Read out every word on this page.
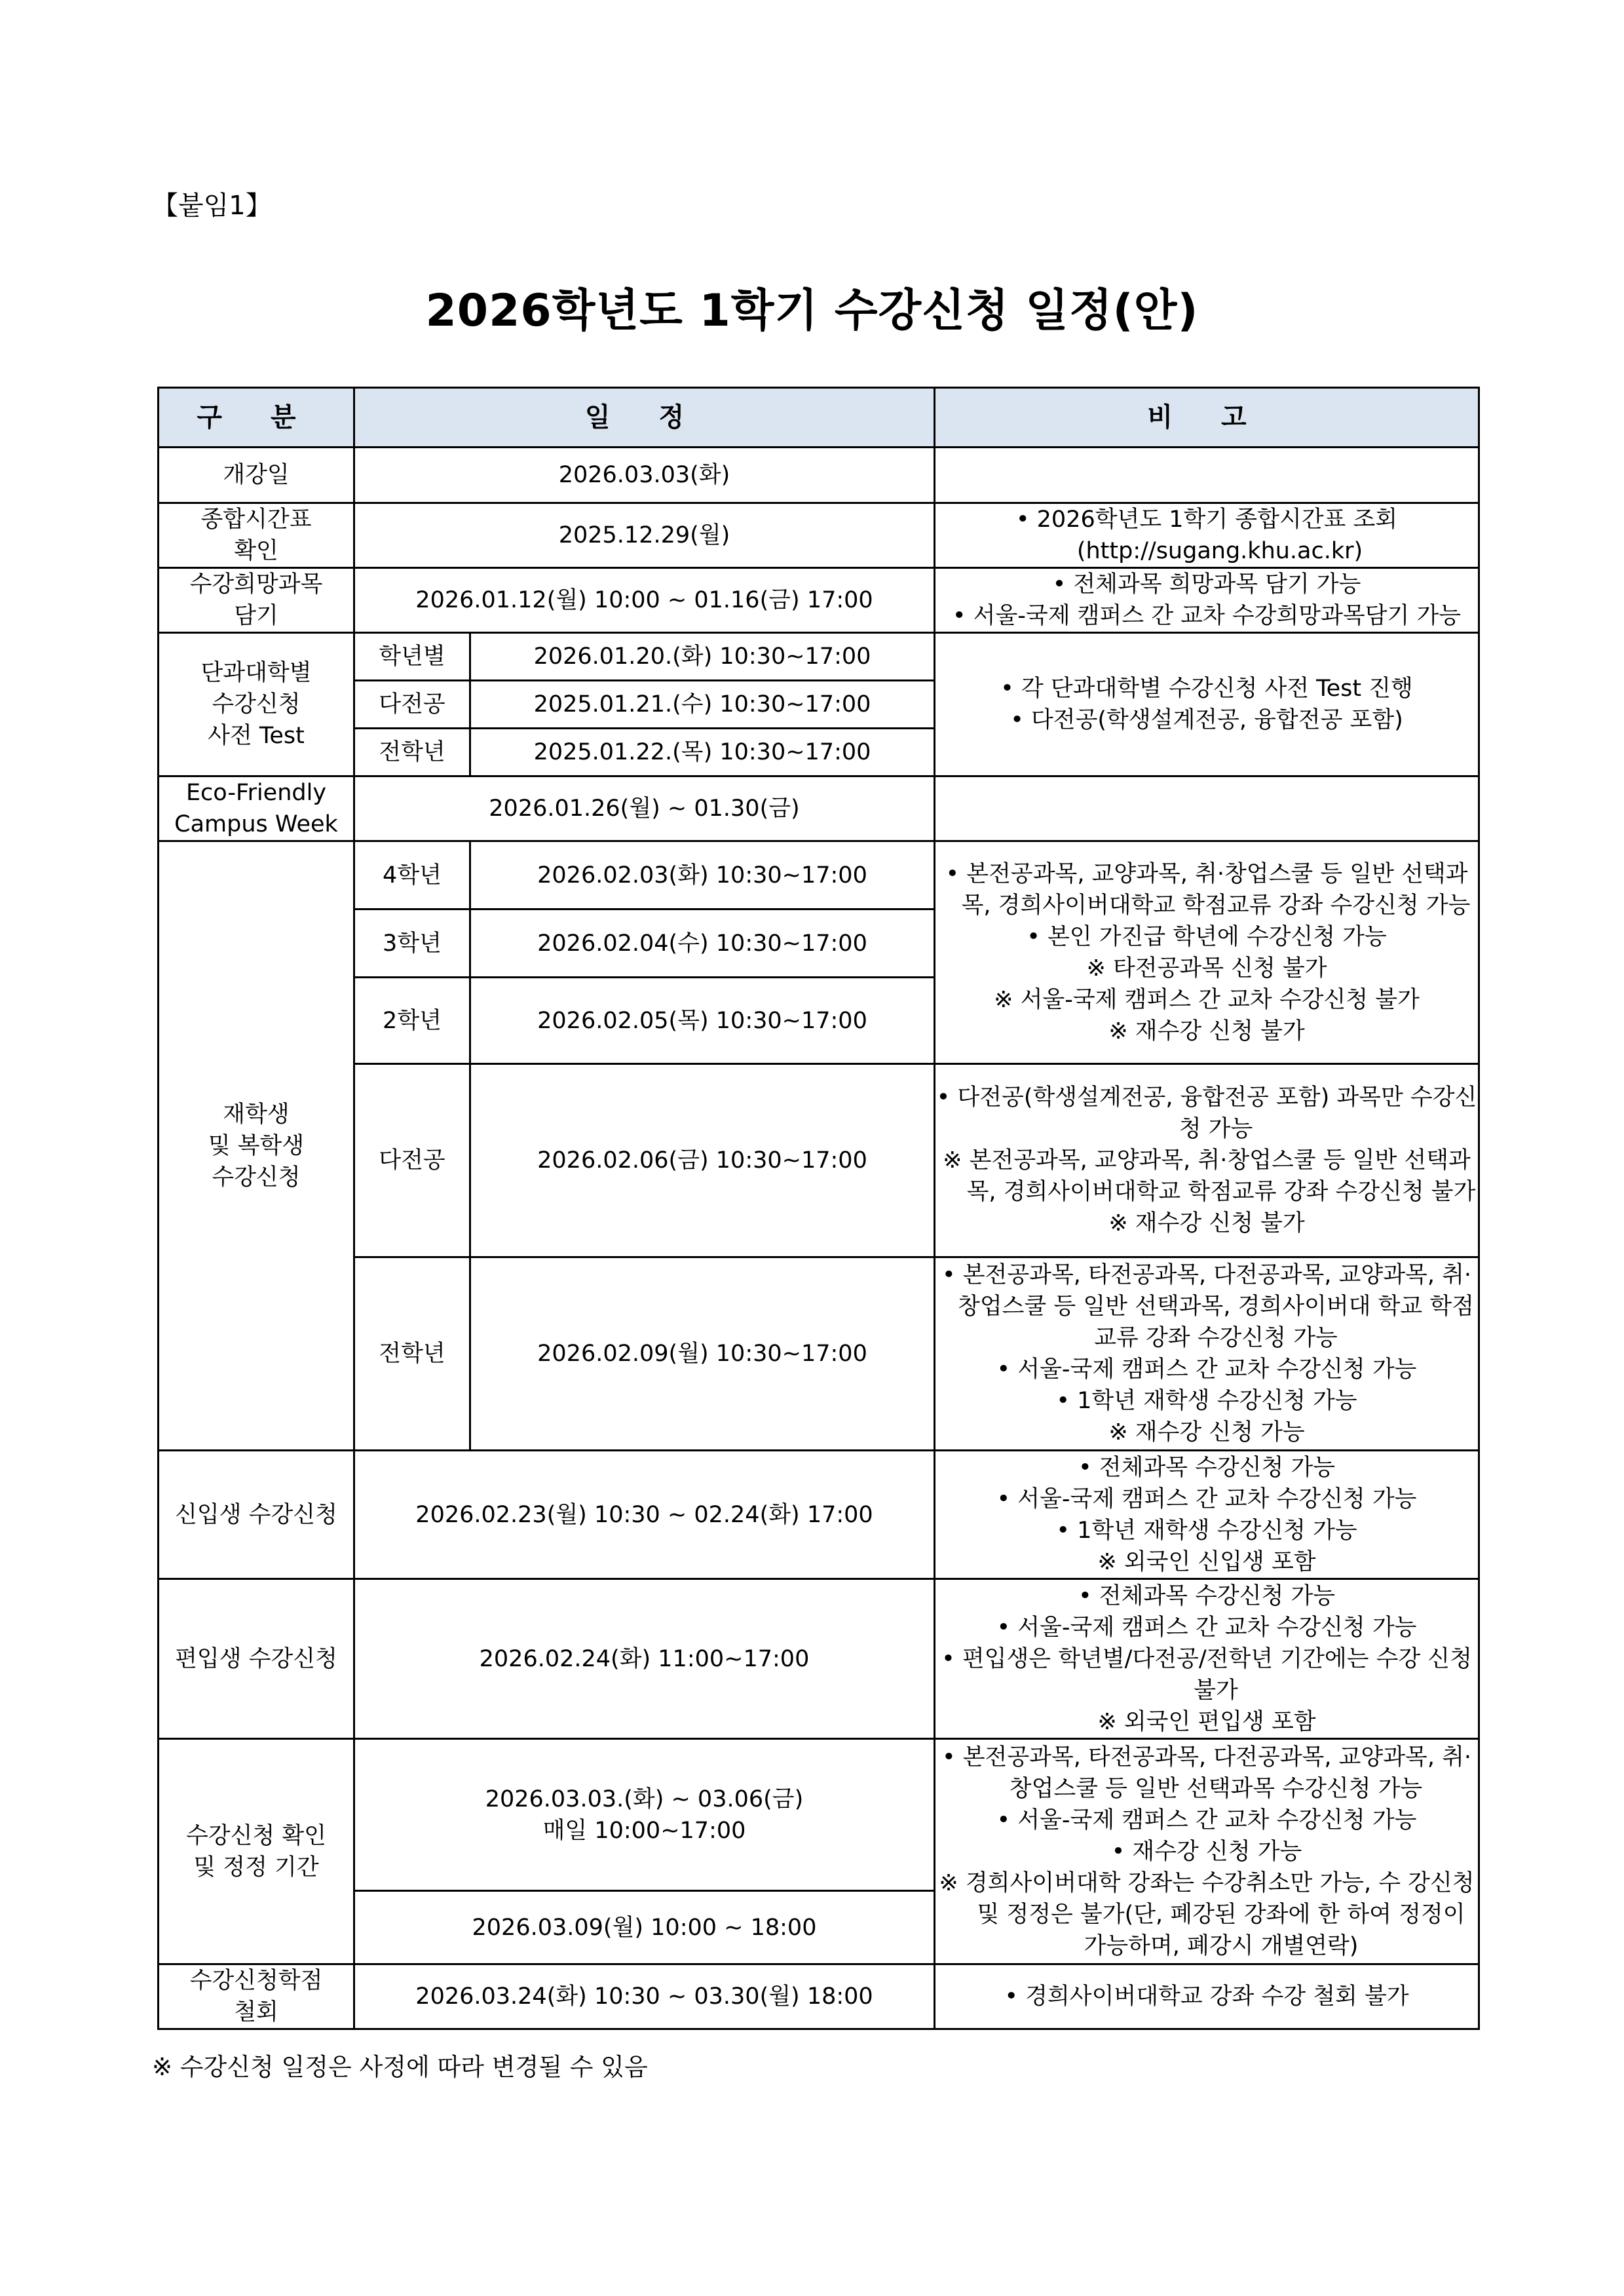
【붙임1】
2026학년도 1학기 수강신청 일정(안)
구 분	일 정		비 고
개강일	2026.03.03(화)		

종합시간표
확인	2025.12.29(월)		• 2026학년도 1학기 종합시간표 조회
(http://sugang.khu.ac.kr)

수강희망과목
담기	2026.01.12(월) 10:00 ~ 01.16(금) 17:00		• 전체과목 희망과목 담기 가능
• 서울-국제 캠퍼스 간 교차 수강희망과목담기 가능

단과대학별
수강신청
사전 Test	학년별	2026.01.20.(화) 10:30~17:00	• 각 단과대학별 수강신청 사전 Test 진행
• 다전공(학생설계전공, 융합전공 포함)

	다전공	2025.01.21.(수) 10:30~17:00	
	전학년	2025.01.22.(목) 10:30~17:00	

Eco-Friendly
Campus Week	2026.01.26(월) ~ 01.30(금)		

재학생
및 복학생
수강신청	4학년	2026.02.03(화) 10:30~17:00	• 본전공과목, 교양과목, 취·창업스쿨 등 일반 선택과목, 경희사이버대학교 학점교류 강좌 수강신청 가능
• 본인 가진급 학년에 수강신청 가능
※ 타전공과목 신청 불가
※ 서울-국제 캠퍼스 간 교차 수강신청 불가
※ 재수강 신청 불가

	3학년	2026.02.04(수) 10:30~17:00	
	2학년	2026.02.05(목) 10:30~17:00	
	다전공	2026.02.06(금) 10:30~17:00	• 다전공(학생설계전공, 융합전공 포함) 과목만 수강신청 가능
※ 본전공과목, 교양과목, 취·창업스쿨 등 일반 선택과목, 경희사이버대학교 학점교류 강좌 수강신청 불가
※ 재수강 신청 불가

	전학년	2026.02.09(월) 10:30~17:00	• 본전공과목, 타전공과목, 다전공과목, 교양과목, 취·창업스쿨 등 일반 선택과목, 경희사이버대 학교 학점교류 강좌 수강신청 가능
• 서울-국제 캠퍼스 간 교차 수강신청 가능
• 1학년 재학생 수강신청 가능
※ 재수강 신청 가능

신입생 수강신청	2026.02.23(월) 10:30 ~ 02.24(화) 17:00		• 전체과목 수강신청 가능
• 서울-국제 캠퍼스 간 교차 수강신청 가능
• 1학년 재학생 수강신청 가능
※ 외국인 신입생 포함

편입생 수강신청	2026.02.24(화) 11:00~17:00		• 전체과목 수강신청 가능
• 서울-국제 캠퍼스 간 교차 수강신청 가능
• 편입생은 학년별/다전공/전학년 기간에는 수강 신청 불가
※ 외국인 편입생 포함

수강신청 확인
및 정정 기간	2026.03.03.(화) ~ 03.06(금)
매일 10:00~17:00		• 본전공과목, 타전공과목, 다전공과목, 교양과목, 취·창업스쿨 등 일반 선택과목 수강신청 가능
• 서울-국제 캠퍼스 간 교차 수강신청 가능
• 재수강 신청 가능
※ 경희사이버대학 강좌는 수강취소만 가능, 수 강신청 및 정정은 불가(단, 폐강된 강좌에 한 하여 정정이 가능하며, 폐강시 개별연락)

	2026.03.09(월) 10:00 ~ 18:00		

수강신청학점
철회	2026.03.24(화) 10:30 ~ 03.30(월) 18:00		• 경희사이버대학교 강좌 수강 철회 불가
※ 수강신청 일정은 사정에 따라 변경될 수 있음
